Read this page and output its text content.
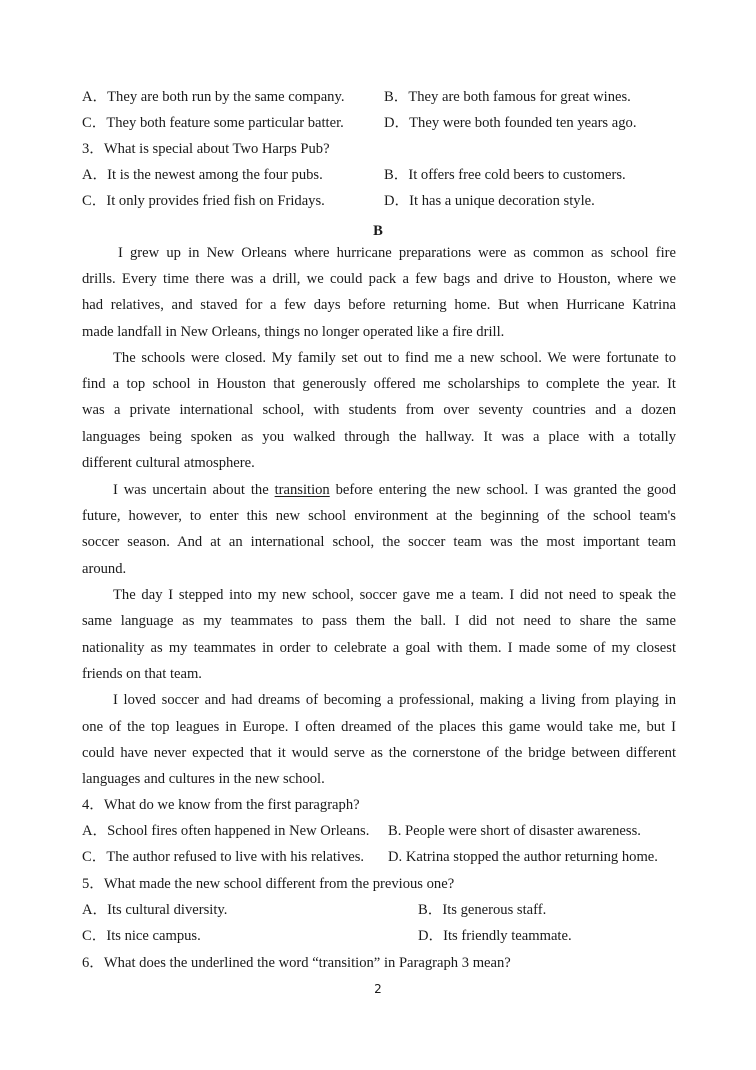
A．They are both run by the same company.	B．They are both famous for great wines.
C．They both feature some particular batter.	D．They were both founded ten years ago.
3．What is special about Two Harps Pub?
A．It is the newest among the four pubs.	B．It offers free cold beers to customers.
C．It only provides fried fish on Fridays.	D．It has a unique decoration style.
B
I grew up in New Orleans where hurricane preparations were as common as school fire
drills. Every time there was a drill, we could pack a few bags and drive to Houston, where we
had relatives, and staved for a few days before returning home. But when Hurricane Katrina
made landfall in New Orleans, things no longer operated like a fire drill.
The schools were closed. My family set out to find me a new school. We were fortunate to
find a top school in Houston that generously offered me scholarships to complete the year. It
was a private international school, with students from over seventy countries and a dozen
languages being spoken as you walked through the hallway. It was a place with a totally
different cultural atmosphere.
I was uncertain about the transition before entering the new school. I was granted the good
future, however, to enter this new school environment at the beginning of the school team's
soccer season. And at an international school, the soccer team was the most important team
around.
The day I stepped into my new school, soccer gave me a team. I did not need to speak the
same language as my teammates to pass them the ball. I did not need to share the same
nationality as my teammates in order to celebrate a goal with them. I made some of my closest
friends on that team.
I loved soccer and had dreams of becoming a professional, making a living from playing in
one of the top leagues in Europe. I often dreamed of the places this game would take me, but I
could have never expected that it would serve as the cornerstone of the bridge between different
languages and cultures in the new school.
4．What do we know from the first paragraph?
A．School fires often happened in New Orleans. B. People were short of disaster awareness.
C．The author refused to live with his relatives. D. Katrina stopped the author returning home.
5．What made the new school different from the previous one?
A．Its cultural diversity.	B．Its generous staff.
C．Its nice campus.	D．Its friendly teammate.
6．What does the underlined the word “transition” in Paragraph 3 mean?
2
